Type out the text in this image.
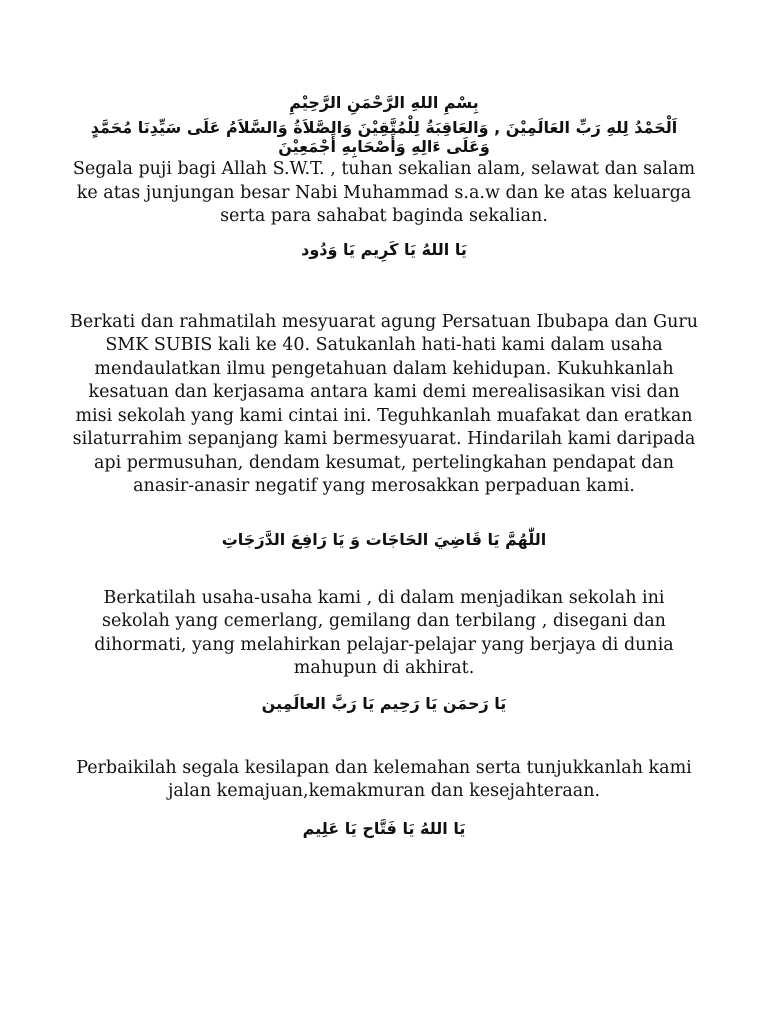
بِسْمِ اللهِ الرَّحْمَنِ الرَّحِيْمِ

اَلْحَمْدُ لِلهِ رَبِّ العَالَمِيْنَ , وَالعَاقِبَةُ لِلْمُتَّقِيْنَ وَالصَّلاَةُ وَالسَّلاَمُ عَلَى سَيِّدِنَا مُحَمَّدٍ وَعَلَى ءَالِهِ وَأَصْحَابِهِ أَجْمَعِيْنَ

Segala puji bagi Allah S.W.T. , tuhan sekalian alam, selawat dan salam ke atas junjungan besar Nabi Muhammad s.a.w dan ke atas keluarga serta para sahabat baginda sekalian.

يَا اللهُ يَا كَرِيم يَا وَدُود

Berkati dan rahmatilah mesyuarat agung Persatuan Ibubapa dan Guru SMK SUBIS kali ke 40. Satukanlah hati-hati kami dalam usaha mendaulatkan ilmu pengetahuan dalam kehidupan. Kukuhkanlah kesatuan dan kerjasama antara kami demi merealisasikan visi dan misi sekolah yang kami cintai ini. Teguhkanlah muafakat dan eratkan silaturrahim sepanjang kami bermesyuarat. Hindarilah kami daripada api permusuhan, dendam kesumat, pertelingkahan pendapat dan anasir-anasir negatif yang merosakkan perpaduan kami.

اللّٰهُمَّ يَا قَاضِيَ الحَاجَات وَ يَا رَافِعَ الدَّرَجَاتِ

Berkatilah usaha-usaha kami , di dalam menjadikan sekolah ini sekolah yang cemerlang, gemilang dan terbilang , disegani dan dihormati, yang melahirkan pelajar-pelajar yang berjaya di dunia mahupun di akhirat.

يَا رَحمَن يَا رَحِيم يَا رَبَّ العالَمِين

Perbaikilah segala kesilapan dan kelemahan serta tunjukkanlah kami jalan kemajuan,kemakmuran dan kesejahteraan.

يَا اللهُ يَا فَتَّاح يَا عَلِيم
